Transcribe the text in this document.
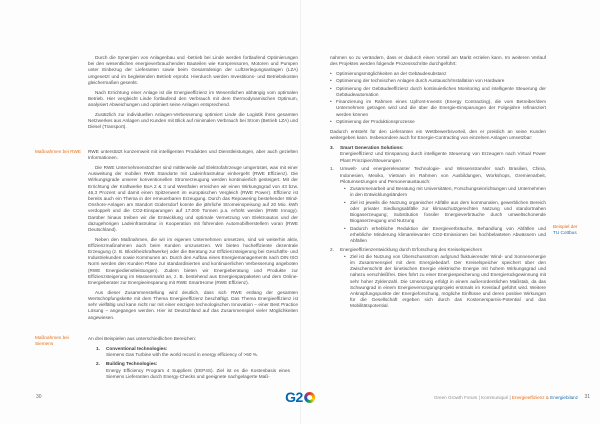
Maßnahmen bei RWE
Maßnahmen bei Siemens

Durch die Synergien von Anlagenbau und -betrieb bei Linde werden fortlaufend Optimierungen bei den wesentlichen energieverbrauchenden Bauteilen wie Kompressoren, Motoren und Pumpen unter Einbezug der Lieferanten sowie beim Gesamtdesign der Luftzerlegungsanlagen (LZA) umgesetzt und im begleitenden Betrieb erprobt. Hierdurch werden Investitions- und Betriebskosten gleichermaßen gesenkt.

Nach Errichtung einer Anlage ist die Energieeffizienz im Wesentlichen abhängig vom optimalen Betrieb. Hier vergleicht Linde fortlaufend den Verbrauch mit dem thermodynamischen Optimum, analysiert Abweichungen und optimiert seine Anlagen entsprechend.

Zusätzlich zur individuellen Anlagen-Verbesserung optimiert Linde die Logistik ihres gesamten Netzwerkes aus Anlagen und Kunden mit Blick auf minimalen Verbrauch bei Strom (Betrieb LZA) und Diesel (Transport).

RWE unterstützt konzernweit mit intelligenten Produkten und Dienstleistungen, aber auch gezielten Informationen.

Die RWE Unternehmenstöchter sind mittlerweile auf Elektrofahrzeuge umgerüstet, was mit einer Ausweitung der mobilen RWE Standorte mit Ladeinfrastruktur einhergeht (RWE Effizienz). Die Wirkungsgrade unserer konventionellen Stromerzeugung werden kontinuierlich gesteigert. Mit der Errichtung der Kraftwerke BoA 2 & 3 und Westfalen erreichen wir einen Wirkungsgrad von 43 bzw. 46,3 Prozent und damit einen Spitzenwert im europäischen Vergleich (RWE Power). Effizienz ist bereits auch ein Thema in der erneuerbaren Erzeugung. Durch das Repowering bestehender Wind-Onshore-Anlagen am Standort Güdersdorf konnte die jährliche Stromeinspeisung auf 20 Mio. kWh verdoppelt und die CO2-Einsparungen auf 17.000 Tonnen p.a. erhöht werden (RWE Innogy). Darüber hinaus treiben wir die Entwicklung und optimale Vernetzung von Elektroautos und der dazugehörigen Ladeinfrastruktur in Kooperation mit führenden Automobilherstellern voran (RWE Deutschland).

Neben den Maßnahmen, die wir im eigenen Unternehmen umsetzen, sind wir weiterhin aktiv, Effizienzmaßnahmen auch beim Kunden umzusetzen. Wir bieten hocheffiziente dezentrale Erzeugung (z. B. Blockheizkraftwerke) oder die Beratung zur Effizienzsteigerung bei Geschäfts- und Industriekunden sowie Kommunen an. Durch den Aufbau eines Energiemanagements nach DIN ISO Norm werden den Kunden Pläne zur standardisierten und kontinuierlichen Verbesserung angeboten (RWE Energiedienstleistungen). Zudem bieten wir Energieberatung und Produkte zur Effizienzsteigerung im Massenmarkt an, z. B. bestehend aus Energiesparpaketen und dem Online-Energieberater zur Energieeinsparung mit RWE SmartHome (RWE Effizienz).

Aus dieser Zusammenstellung wird deutlich, dass sich RWE entlang der gesamten Wertschöpfungskette mit dem Thema Energieeffizienz beschäftigt. Das Thema Energieeffizienz ist sehr vielfältig und kann nicht nur mit einer einzigen technologischen Innovation – einer Best Practice Lösung – angegangen werden. Hier ist Deutschland auf das Zusammenspiel vieler Möglichkeiten angewiesen.

An drei Beispielen aus unterschiedlichen Bereichen:

1. Conventional technologies:
Siemens Gas Turbine with the world record in energy efficiency of >60 %.
2. Building Technologies:
Energy Efficiency Program 4 Suppliers (EEP4S). Ziel ist es die Kostenbasis eines Siemens Lieferanten durch Energy-Checks und geeignete nachgelagerte Maß-
30

nahmen so zu verändern, dass er dadurch einen Vorteil am Markt erzielen kann. Im weiteren Verlauf des Projektes werden folgende Prozessschritte durchgeführt:

• Optimierungsmöglichkeiten an der Gebäudesubstanz
• Optimierung der technischen Anlagen durch Austausch/Installation von Hardware
• Optimierung der Gebäudeeffizienz durch kontinuierliches Monitoring und intelligente Steuerung der Gebäudeautomation
• Finanzierung im Rahmen eines Upfront-Invests (Energy Contracting), die vom Betreiber/dem Unternehmen getragen wird und die über die Energie-Einsparungen der Folgejahre refinanziert werden können
• Optimierung der Produktionsprozesse

Dadurch entsteht für den Lieferanten ein Wettbewerbsvorteil, den er preislich an seine Kunden weitergeben kann. Insbesondere auch für Energie-Contracting von einzelnen Anlagen umsetzbar:

3. Smart Generation Solutions:
Energieeffizienz und Einsparung durch intelligente Steuerung von Erzeugern nach Virtual Power Plant Prinzipien/Steuerungen
1. Umwelt- und energierelevanter Technologie- und Wissenstransfer nach Brasilien, China, Indonesien, Mexiko, Vietnam im Rahmen von Ausbildungen, Workshops, Gremienarbeit, Pilotumsetzungen und Personenaustausch:
• Zusammenarbeit und Beratung mit Universitäten, Forschungseinrichtungen und Unternehmen in den Entwicklungsländern
• Ziel ist jeweils die Nutzung organischer Abfälle aus dem kommunalen, gewerblichen Bereich oder privater Siedlungsabfälle zur klimaschutzgerechten Nutzung und standortnahen Biogaserzeugung; Substitution fossiler Energieverbräuche durch umweltschonende Biogaserzeugung und Nutzung
• Dadurch erhebliche Reduktion der Energieverbräuche, Behandlung von Abfällen und erhebliche Minderung klimarelevanter CO2-Emissionen bei hochbelasteten Abwässern und Abfällen
2. Energieeffizienzentwicklung durch Erforschung des Kreiselspeichers
• Ziel ist die Nutzung von Überschussstrom aufgrund fluktuierender Wind- und Sonnenenergie im Zusammenspiel mit dem Energiebedarf. Der Kreiselspeicher speichert über den Zwischenschritt der kinetischen Energie elektrische Energie mit hohem Wirkungsgrad und nahezu verschleißfrei. Dies führt zu einer Energiespeicherung und Energierückgewinnung mit sehr hoher Zyklenzahl. Die Umsetzung erfolgt in einem außerordentlichen Maßstab, da das Schwungrad in einem Energieversorgungsprojekt erstmals im Kreislauf geführt wird. Weitere Anknüpfungspunkte der Energieforschung, mögliche Einflüsse und deren positive Wirkungen für die Gesellschaft ergeben sich durch das Kostenersparnis-Potential und das Mobilitätspotential.
Beispiel der
TU Cottbus
Green Growth Forum | Kommuniqué | Energieeffizienz & Energiebilanz 31
G2
